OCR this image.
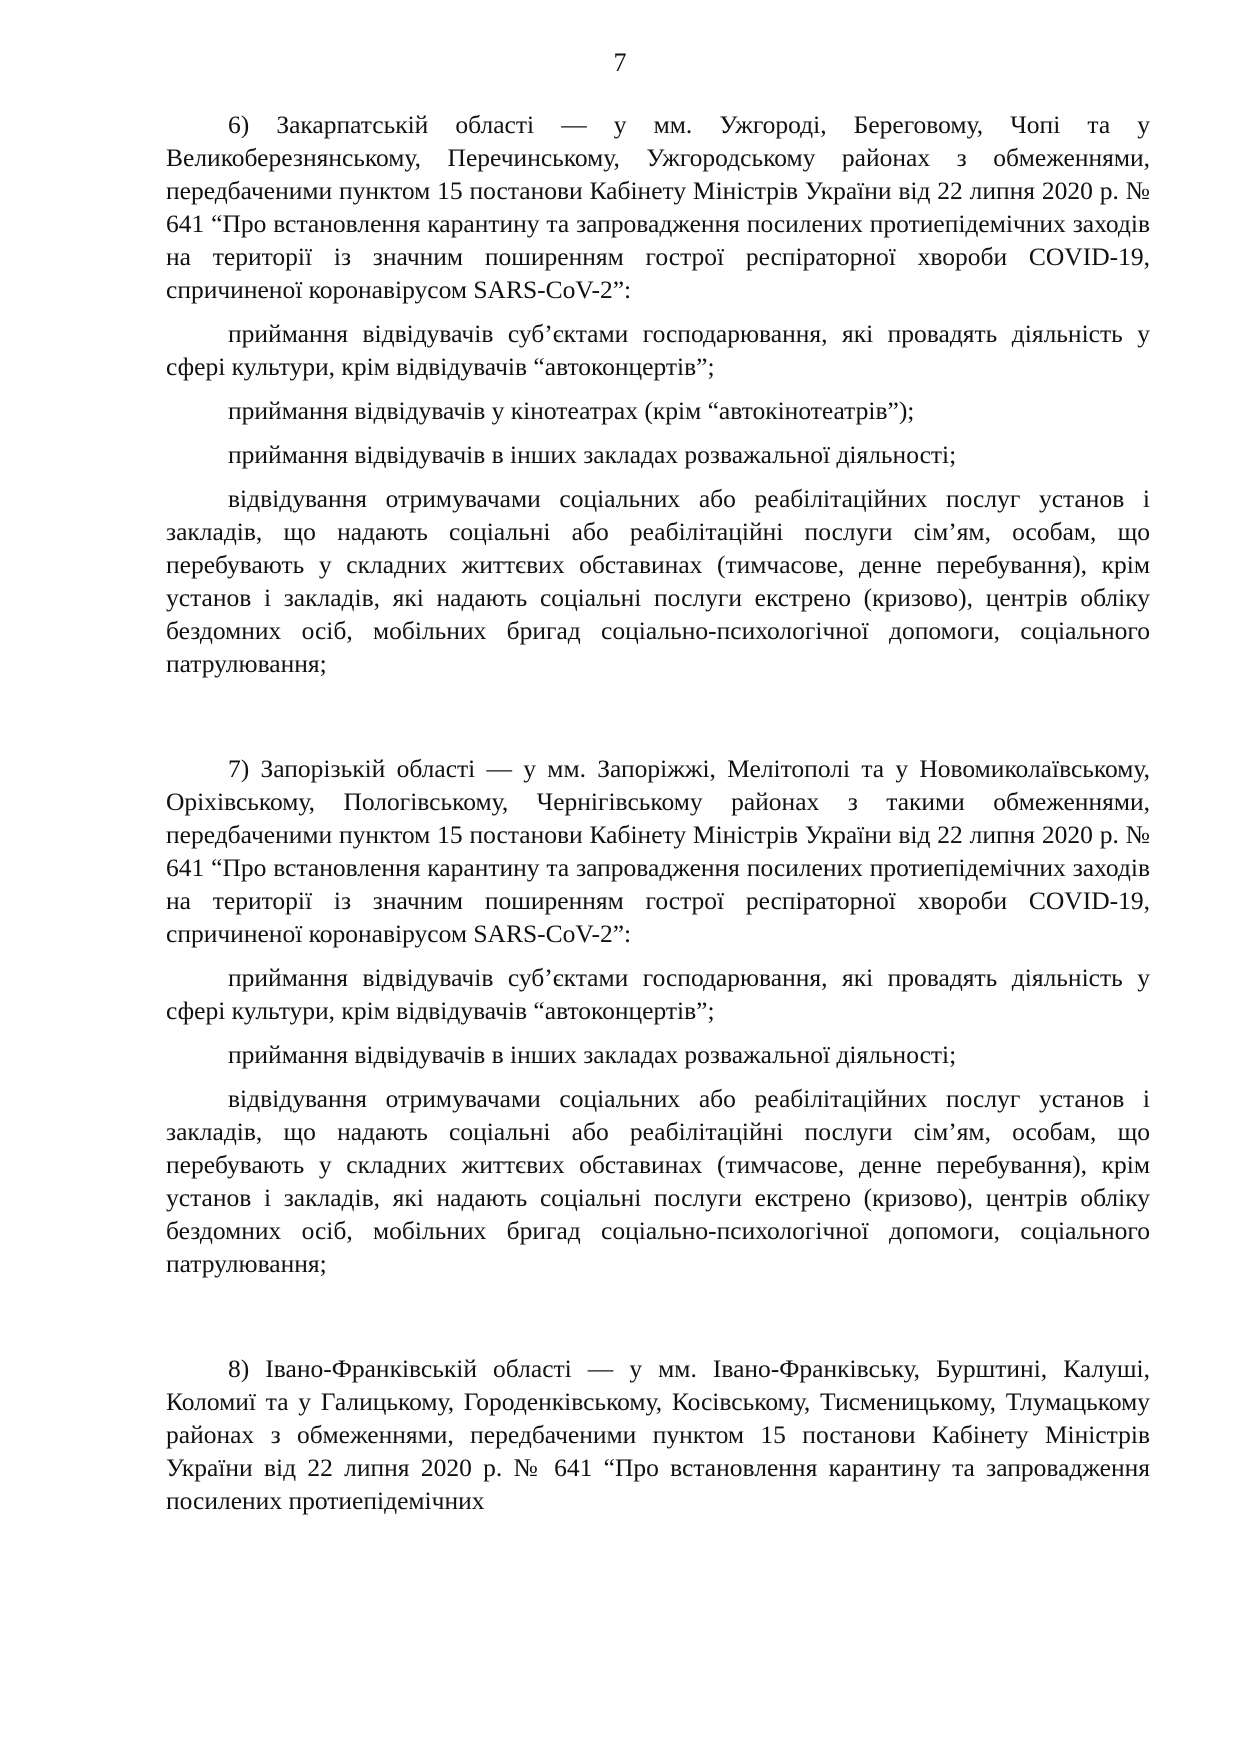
7

6) Закарпатській області — у мм. Ужгороді, Береговому, Чопі та у Великоберезнянському, Перечинському, Ужгородському районах з обмеженнями, передбаченими пунктом 15 постанови Кабінету Міністрів України від 22 липня 2020 р. № 641 “Про встановлення карантину та запровадження посилених протиепідемічних заходів на території із значним поширенням гострої респіраторної хвороби COVID-19, спричиненої коронавірусом SARS-CoV-2”:

приймання відвідувачів суб’єктами господарювання, які провадять діяльність у сфері культури, крім відвідувачів “автоконцертів”;

приймання відвідувачів у кінотеатрах (крім “автокінотеатрів”);

приймання відвідувачів в інших закладах розважальної діяльності;

відвідування отримувачами соціальних або реабілітаційних послуг установ і закладів, що надають соціальні або реабілітаційні послуги сім’ям, особам, що перебувають у складних життєвих обставинах (тимчасове, денне перебування), крім установ і закладів, які надають соціальні послуги екстрено (кризово), центрів обліку бездомних осіб, мобільних бригад соціально-психологічної допомоги, соціального патрулювання;

7) Запорізькій області — у мм. Запоріжжі, Мелітополі та у Новомиколаївському, Оріхівському, Пологівському, Чернігівському районах з такими обмеженнями, передбаченими пунктом 15 постанови Кабінету Міністрів України від 22 липня 2020 р. № 641 “Про встановлення карантину та запровадження посилених протиепідемічних заходів на території із значним поширенням гострої респіраторної хвороби COVID-19, спричиненої коронавірусом SARS-CoV-2”:

приймання відвідувачів суб’єктами господарювання, які провадять діяльність у сфері культури, крім відвідувачів “автоконцертів”;

приймання відвідувачів в інших закладах розважальної діяльності;

відвідування отримувачами соціальних або реабілітаційних послуг установ і закладів, що надають соціальні або реабілітаційні послуги сім’ям, особам, що перебувають у складних життєвих обставинах (тимчасове, денне перебування), крім установ і закладів, які надають соціальні послуги екстрено (кризово), центрів обліку бездомних осіб, мобільних бригад соціально-психологічної допомоги, соціального патрулювання;

8) Івано-Франківській області — у мм. Івано-Франківську, Бурштині, Калуші, Коломиї та у Галицькому, Городенківському, Косівському, Тисменицькому, Тлумацькому районах з обмеженнями, передбаченими пунктом 15 постанови Кабінету Міністрів України від 22 липня 2020 р. № 641 “Про встановлення карантину та запровадження посилених протиепідемічних
